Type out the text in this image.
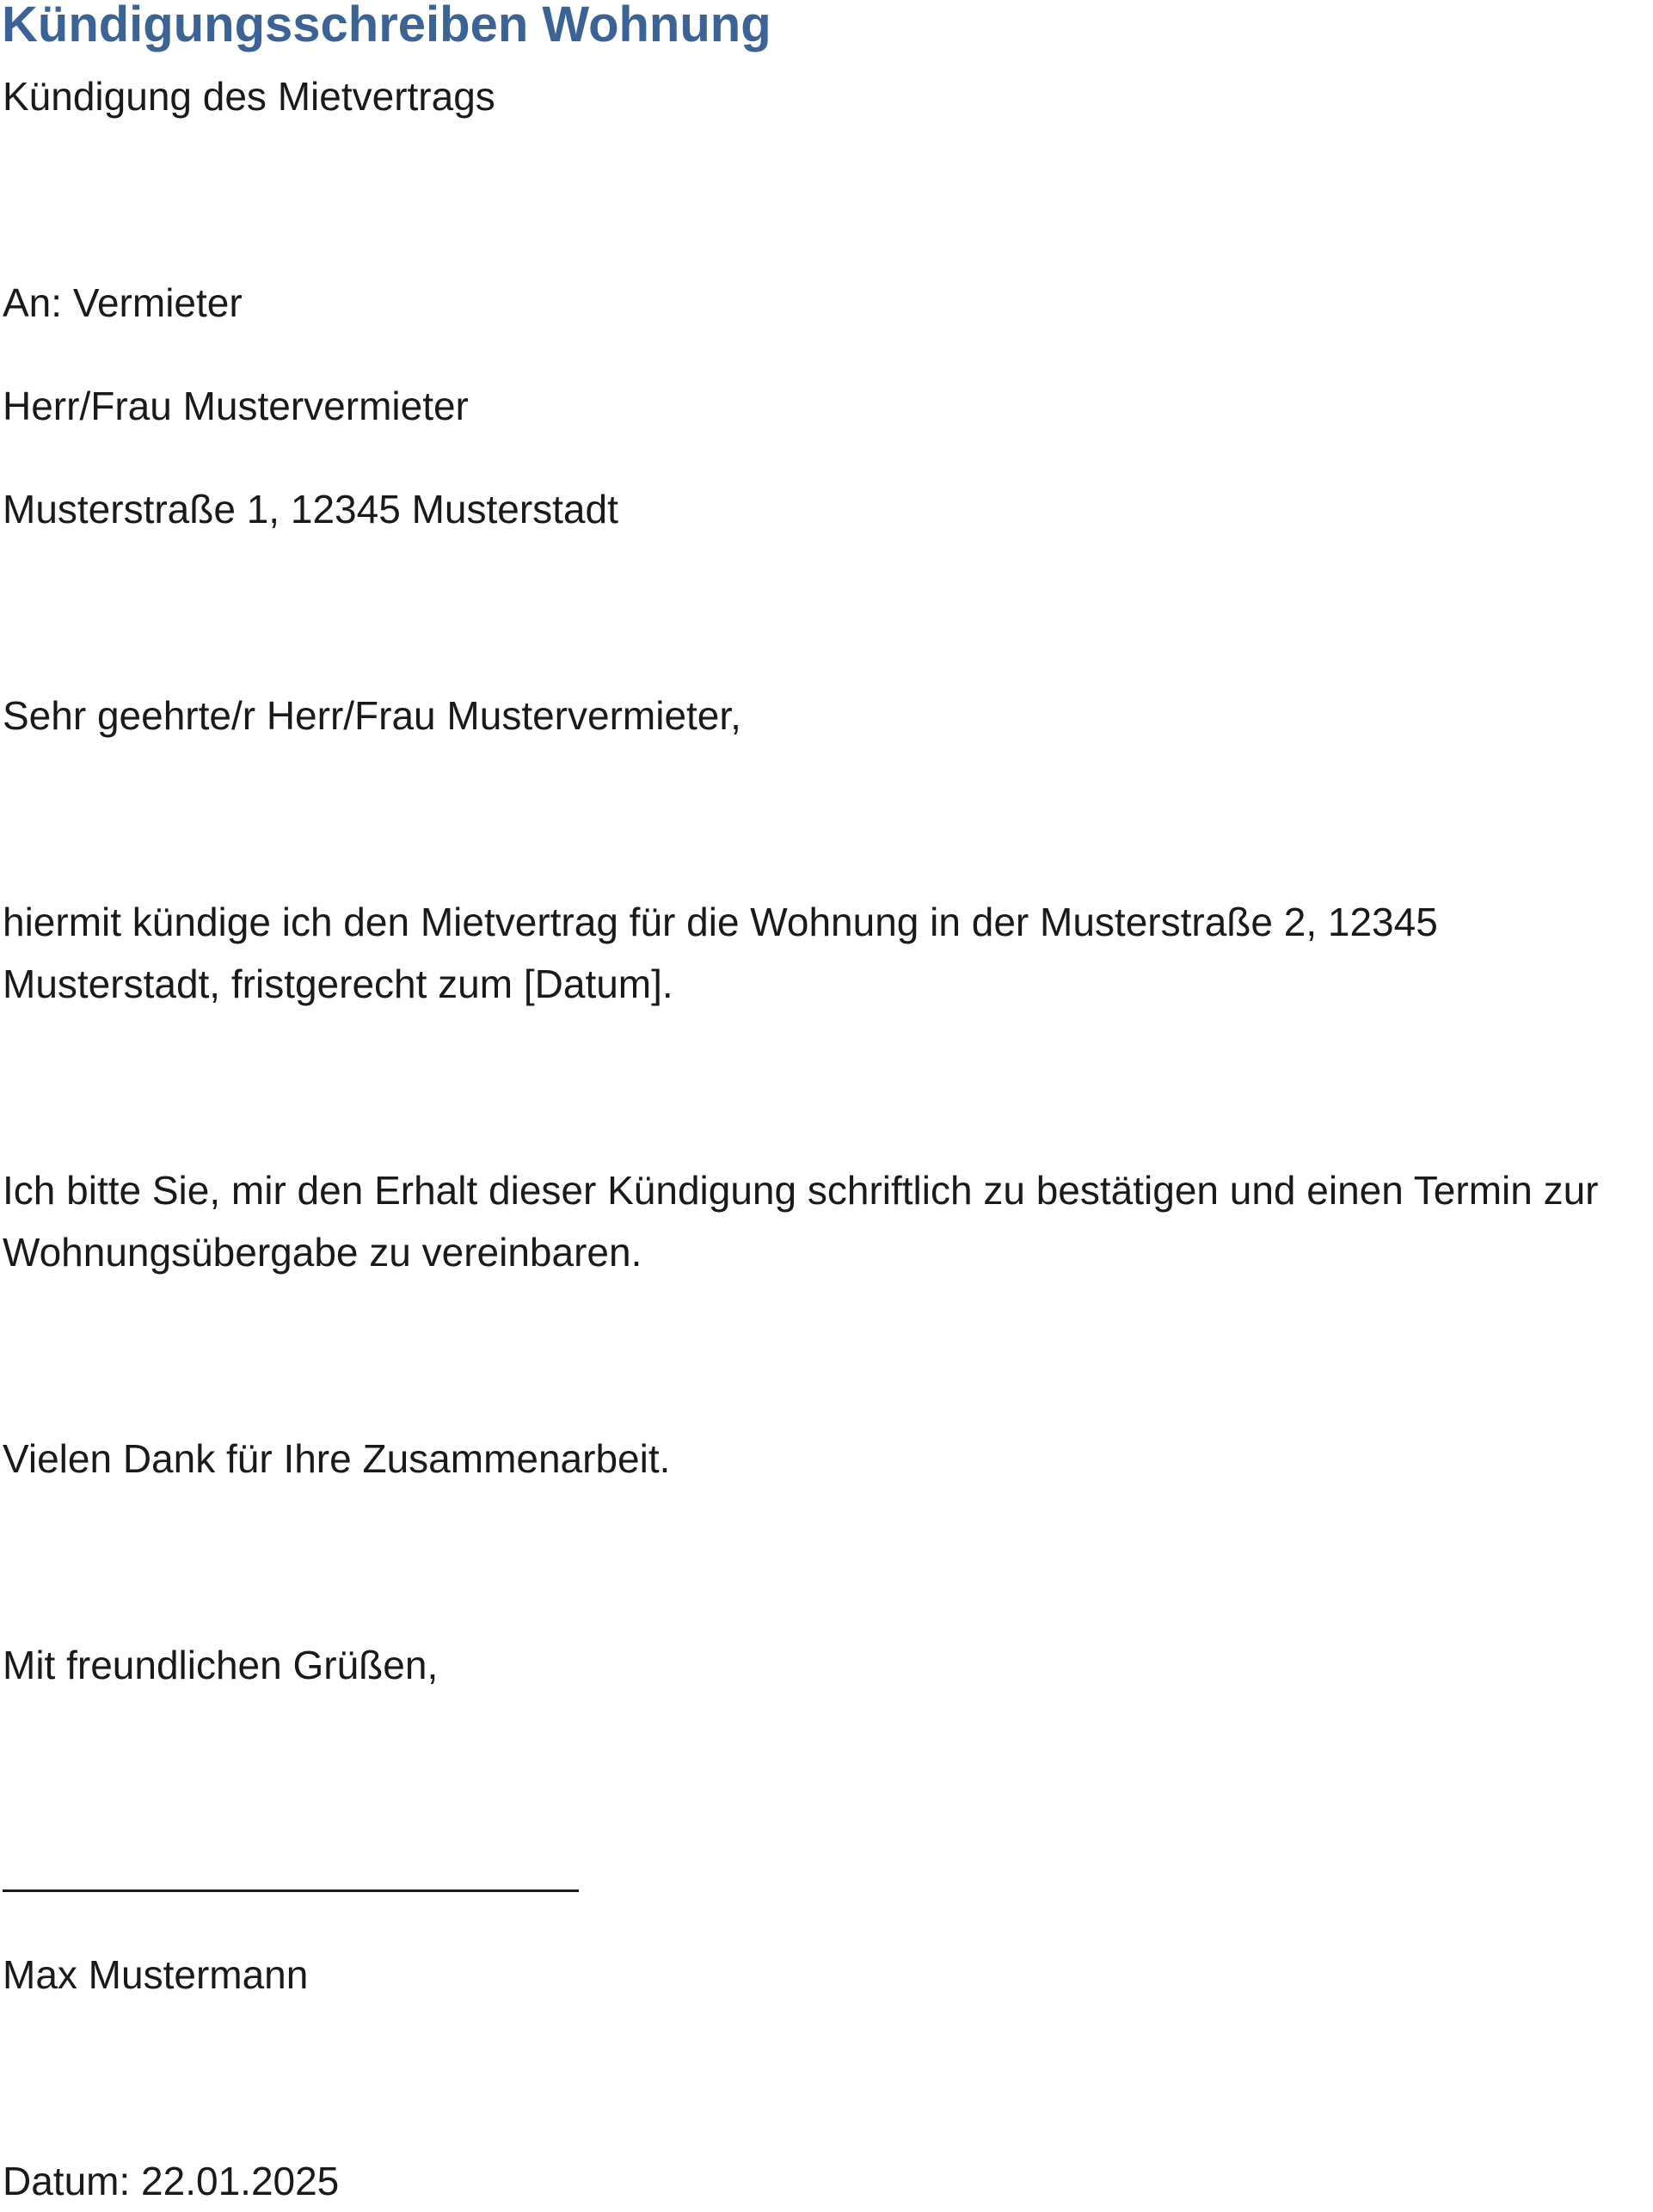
Kündigungsschreiben Wohnung

Kündigung des Mietvertrags

An: Vermieter

Herr/Frau Mustervermieter

Musterstraße 1, 12345 Musterstadt

Sehr geehrte/r Herr/Frau Mustervermieter,

hiermit kündige ich den Mietvertrag für die Wohnung in der Musterstraße 2, 12345 Musterstadt, fristgerecht zum [Datum].

Ich bitte Sie, mir den Erhalt dieser Kündigung schriftlich zu bestätigen und einen Termin zur Wohnungsübergabe zu vereinbaren.

Vielen Dank für Ihre Zusammenarbeit.

Mit freundlichen Grüßen,

Max Mustermann

Datum: 22.01.2025
